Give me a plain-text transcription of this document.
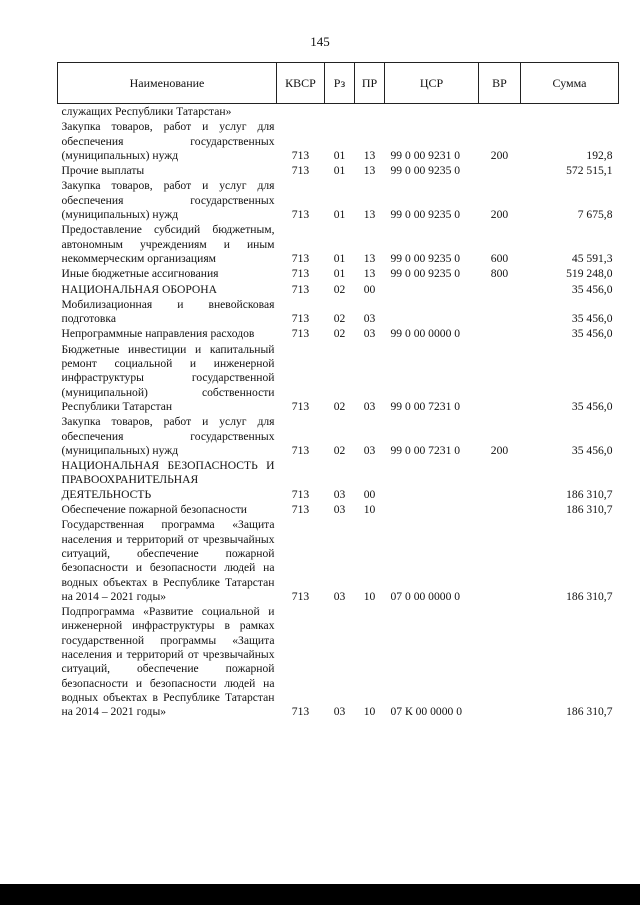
145
Наименование	КВСР	Рз	ПР	ЦСР	ВР	Сумма
служащих Республики Татарстан»						
Закупка товаров, работ и услуг для обеспечения государственных (муниципальных) нужд	713	01	13	99 0 00 9231 0	200	192,8
Прочие выплаты	713	01	13	99 0 00 9235 0		572 515,1
Закупка товаров, работ и услуг для обеспечения государственных (муниципальных) нужд	713	01	13	99 0 00 9235 0	200	7 675,8
Предоставление субсидий бюджетным, автономным учреждениям и иным некоммерческим организациям	713	01	13	99 0 00 9235 0	600	45 591,3
Иные бюджетные ассигнования	713	01	13	99 0 00 9235 0	800	519 248,0
НАЦИОНАЛЬНАЯ ОБОРОНА	713	02	00			35 456,0
Мобилизационная и вневойсковая подготовка	713	02	03			35 456,0
Непрограммные направления расходов	713	02	03	99 0 00 0000 0		35 456,0
Бюджетные инвестиции и капитальный ремонт социальной и инженерной инфраструктуры государственной (муниципальной) собственности Республики Татарстан	713	02	03	99 0 00 7231 0		35 456,0
Закупка товаров, работ и услуг для обеспечения государственных (муниципальных) нужд	713	02	03	99 0 00 7231 0	200	35 456,0
НАЦИОНАЛЬНАЯ БЕЗОПАСНОСТЬ И ПРАВООХРАНИТЕЛЬНАЯ ДЕЯТЕЛЬНОСТЬ	713	03	00			186 310,7
Обеспечение пожарной безопасности	713	03	10			186 310,7
Государственная программа «Защита населения и территорий от чрезвычайных ситуаций, обеспечение пожарной безопасности и безопасности людей на водных объектах в Республике Татарстан на 2014 – 2021 годы»	713	03	10	07 0 00 0000 0		186 310,7
Подпрограмма «Развитие социальной и инженерной инфраструктуры в рамках государственной программы «Защита населения и территорий от чрезвычайных ситуаций, обеспечение пожарной безопасности и безопасности людей на водных объектах в Республике Татарстан на 2014 – 2021 годы»	713	03	10	07 К 00 0000 0		186 310,7
